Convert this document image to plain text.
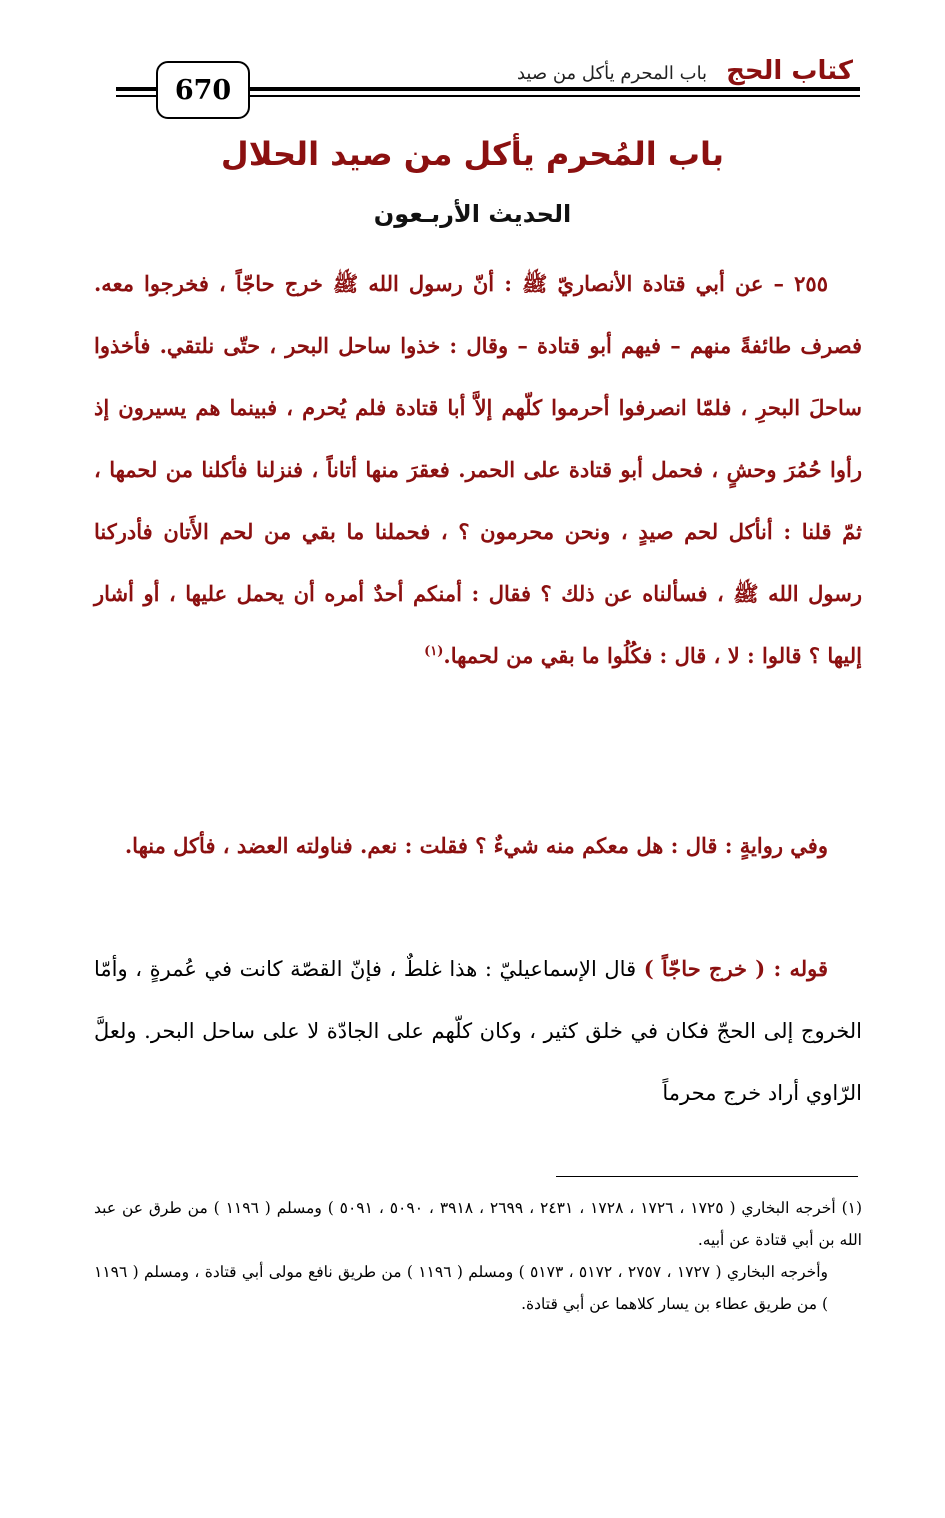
670
كتاب الحج باب المحرم يأكل من صيد
باب المُحرم يأكل من صيد الحلال
الحديث الأربـعون
٢٥٥ – عن أبي قتادة الأنصاريّ ﷺ : أنّ رسول الله ﷺ خرج حاجّاً ، فخرجوا معه. فصرف طائفةً منهم – فيهم أبو قتادة – وقال : خذوا ساحل البحر ، حتّى نلتقي. فأخذوا ساحلَ البحرِ ، فلمّا انصرفوا أحرموا كلّهم إلاَّ أبا قتادة فلم يُحرم ، فبينما هم يسيرون إذ رأوا حُمُرَ وحشٍ ، فحمل أبو قتادة على الحمر. فعقرَ منها أتاناً ، فنزلنا فأكلنا من لحمها ، ثمّ قلنا : أنأكل لحم صيدٍ ، ونحن محرمون ؟ ، فحملنا ما بقي من لحم الأَتان فأدركنا رسول الله ﷺ ، فسألناه عن ذلك ؟ فقال : أمنكم أحدٌ أمره أن يحمل عليها ، أو أشار إليها ؟ قالوا : لا ، قال : فكُلُوا ما بقي من لحمها.$^{(١)}$
وفي روايةٍ : قال : هل معكم منه شيءٌ ؟ فقلت : نعم. فناولته العضد ، فأكل منها.
قوله : ( خرج حاجّاً ) قال الإسماعيليّ : هذا غلطٌ ، فإنّ القصّة كانت في عُمرةٍ ، وأمّا الخروج إلى الحجّ فكان في خلق كثير ، وكان كلّهم على الجادّة لا على ساحل البحر. ولعلَّ الرّاوي أراد خرج محرماً

(١) أخرجه البخاري ( ١٧٢٥ ، ١٧٢٦ ، ١٧٢٨ ، ٢٤٣١ ، ٢٦٩٩ ، ٣٩١٨ ، ٥٠٩٠ ، ٥٠٩١ ) ومسلم ( ١١٩٦ ) من طرق عن عبد الله بن أبي قتادة عن أبيه.

وأخرجه البخاري ( ١٧٢٧ ، ٢٧٥٧ ، ٥١٧٢ ، ٥١٧٣ ) ومسلم ( ١١٩٦ ) من طريق نافع مولى أبي قتادة ، ومسلم ( ١١٩٦ ) من طريق عطاء بن يسار كلاهما عن أبي قتادة.
